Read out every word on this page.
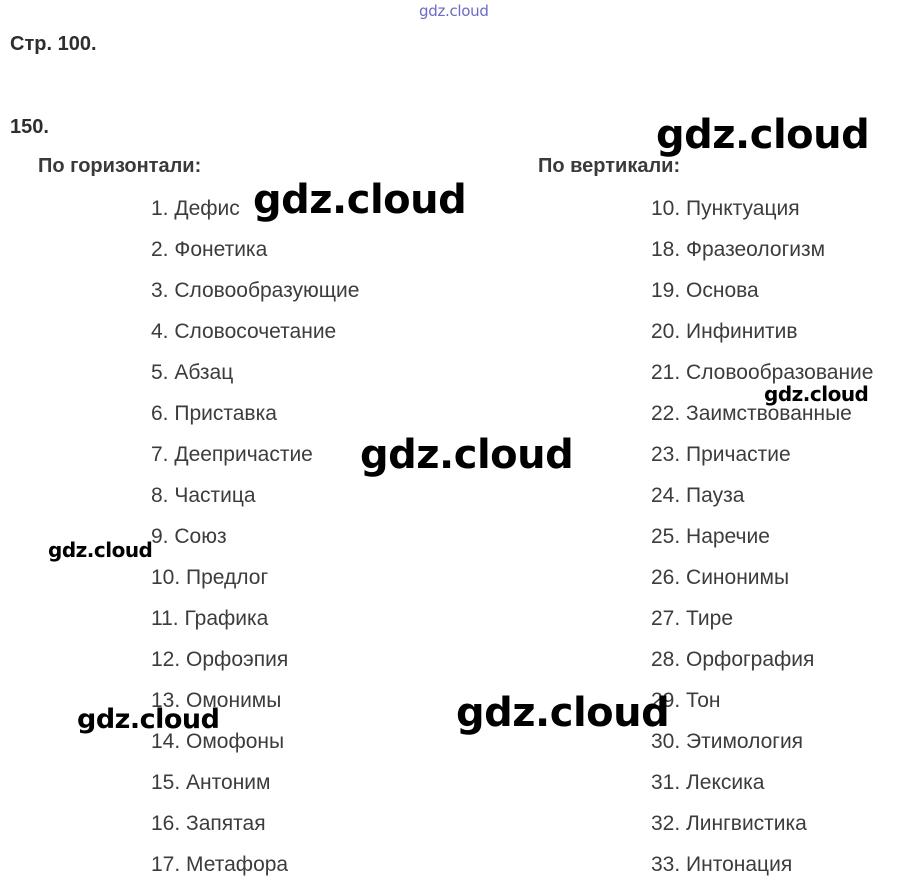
gdz.cloud
Стр. 100.
150.
По горизонтали:	По вертикали:
1. Дефис
2. Фонетика
3. Словообразующие
4. Словосочетание
5. Абзац
6. Приставка
7. Деепричастие
8. Частица
9. Союз
10. Предлог
11. Графика
12. Орфоэпия
13. Омонимы
14. Омофоны
15. Антоним
16. Запятая
17. Метафора
10. Пунктуация
18. Фразеологизм
19. Основа
20. Инфинитив
21. Словообразование
22. Заимствованные
23. Причастие
24. Пауза
25. Наречие
26. Синонимы
27. Тире
28. Орфография
29. Тон
30. Этимология
31. Лексика
32. Лингвистика
33. Интонация
gdz.cloud
gdz.cloud
gdz.cloud
gdz.cloud
gdz.cloud
gdz.cloud
gdz.cloud
